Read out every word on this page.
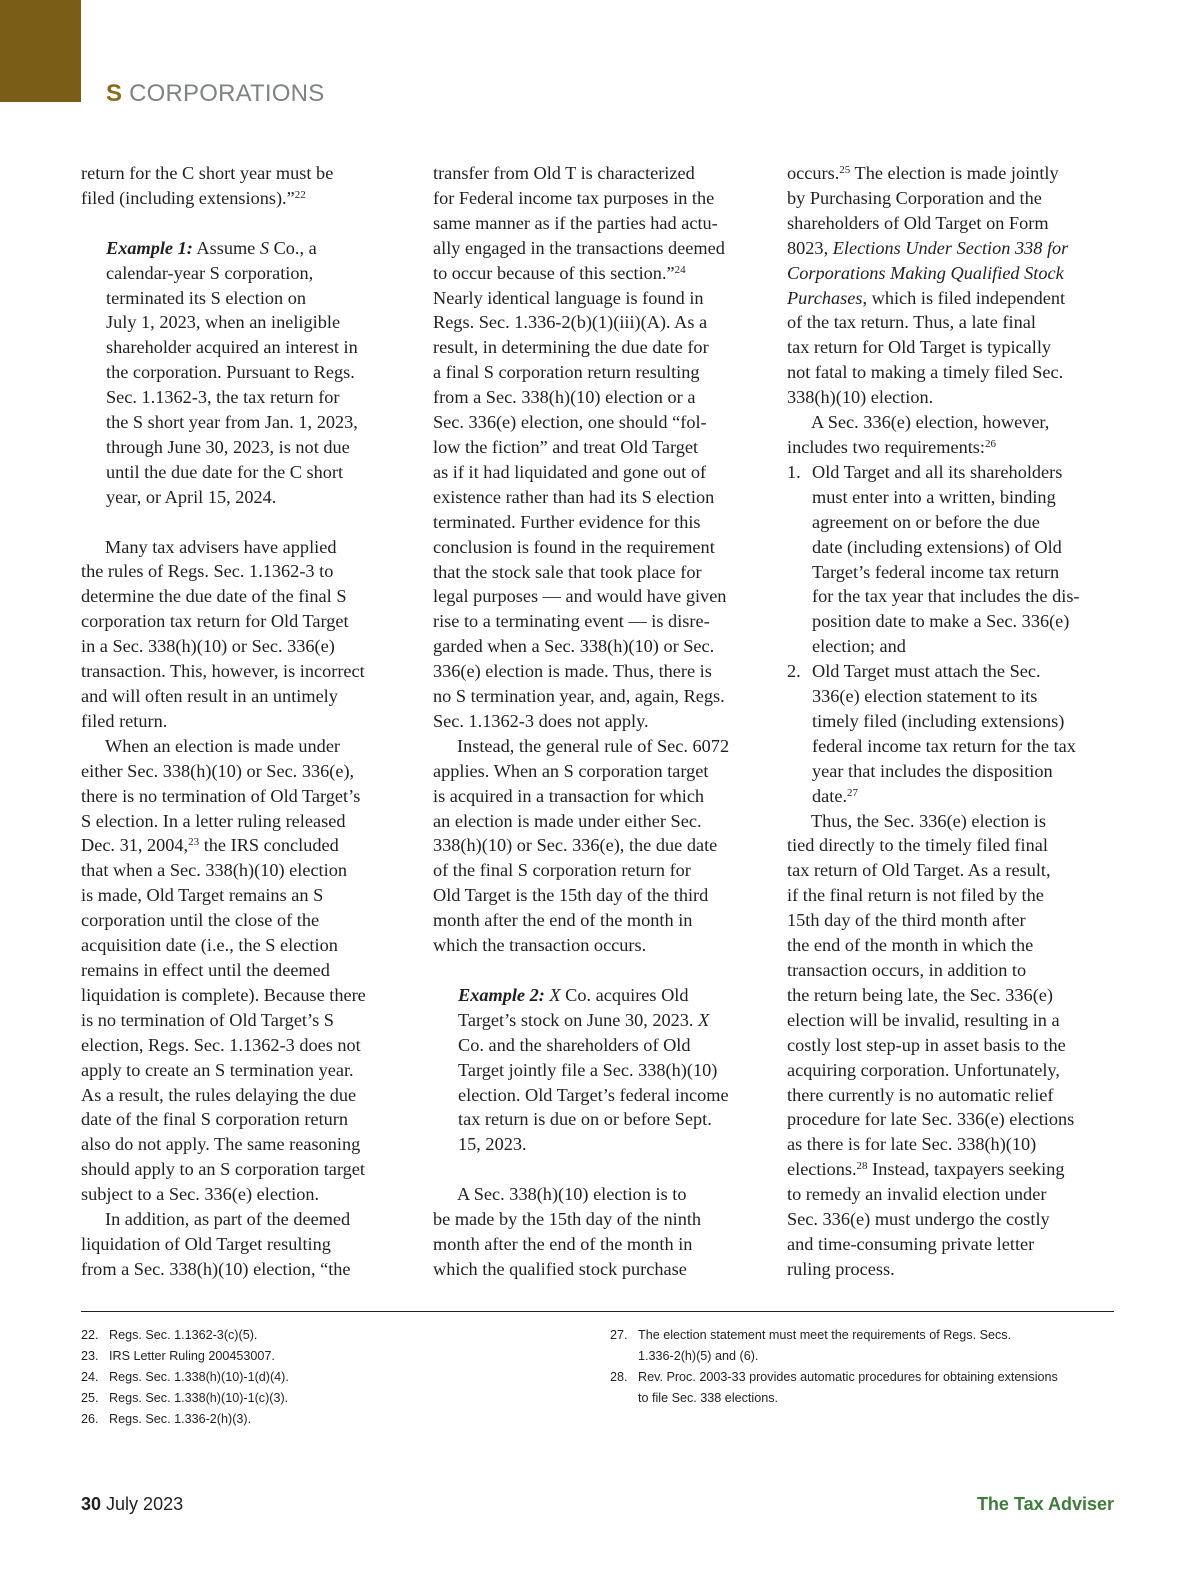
S CORPORATIONS

return for the C short year must be
filed (including extensions).”$^{22}$

Example 1: Assume S Co., a
calendar-year S corporation,
terminated its S election on
July 1, 2023, when an ineligible
shareholder acquired an interest in
the corporation. Pursuant to Regs.
Sec. 1.1362-3, the tax return for
the S short year from Jan. 1, 2023,
through June 30, 2023, is not due
until the due date for the C short
year, or April 15, 2024.

Many tax advisers have applied
the rules of Regs. Sec. 1.1362-3 to
determine the due date of the final S
corporation tax return for Old Target
in a Sec. 338(h)(10) or Sec. 336(e)
transaction. This, however, is incorrect
and will often result in an untimely
filed return.

When an election is made under
either Sec. 338(h)(10) or Sec. 336(e),
there is no termination of Old Target’s
S election. In a letter ruling released
Dec. 31, 2004,23 the IRS concluded
that when a Sec. 338(h)(10) election
is made, Old Target remains an S
corporation until the close of the
acquisition date (i.e., the S election
remains in effect until the deemed
liquidation is complete). Because there
is no termination of Old Target’s S
election, Regs. Sec. 1.1362-3 does not
apply to create an S termination year.
As a result, the rules delaying the due
date of the final S corporation return
also do not apply. The same reasoning
should apply to an S corporation target
subject to a Sec. 336(e) election.

In addition, as part of the deemed
liquidation of Old Target resulting
from a Sec. 338(h)(10) election, “the

transfer from Old T is characterized
for Federal income tax purposes in the
same manner as if the parties had actu-
ally engaged in the transactions deemed
to occur because of this section.”$^{24}$
Nearly identical language is found in
Regs. Sec. 1.336-2(b)(1)(iii)(A). As a
result, in determining the due date for
a final S corporation return resulting
from a Sec. 338(h)(10) election or a
Sec. 336(e) election, one should “fol-
low the fiction” and treat Old Target
as if it had liquidated and gone out of
existence rather than had its S election
terminated. Further evidence for this
conclusion is found in the requirement
that the stock sale that took place for
legal purposes — and would have given
rise to a terminating event — is disre-
garded when a Sec. 338(h)(10) or Sec.
336(e) election is made. Thus, there is
no S termination year, and, again, Regs.
Sec. 1.1362-3 does not apply.

Instead, the general rule of Sec. 6072
applies. When an S corporation target
is acquired in a transaction for which
an election is made under either Sec.
338(h)(10) or Sec. 336(e), the due date
of the final S corporation return for
Old Target is the 15th day of the third
month after the end of the month in
which the transaction occurs.

Example 2: X Co. acquires Old
Target’s stock on June 30, 2023. X
Co. and the shareholders of Old
Target jointly file a Sec. 338(h)(10)
election. Old Target’s federal income
tax return is due on or before Sept.
15, 2023.

A Sec. 338(h)(10) election is to
be made by the 15th day of the ninth
month after the end of the month in
which the qualified stock purchase

occurs.$^{25}$ The election is made jointly
by Purchasing Corporation and the
shareholders of Old Target on Form
8023, Elections Under Section 338 for
Corporations Making Qualified Stock
Purchases, which is filed independent
of the tax return. Thus, a late final
tax return for Old Target is typically
not fatal to making a timely filed Sec.
338(h)(10) election.

A Sec. 336(e) election, however,
includes two requirements:$^{26}$

1. Old Target and all its shareholders
must enter into a written, binding
agreement on or before the due
date (including extensions) of Old
Target’s federal income tax return
for the tax year that includes the dis-
position date to make a Sec. 336(e)
election; and
2. Old Target must attach the Sec.
336(e) election statement to its
timely filed (including extensions)
federal income tax return for the tax
year that includes the disposition
date.$^{27}$

Thus, the Sec. 336(e) election is
tied directly to the timely filed final
tax return of Old Target. As a result,
if the final return is not filed by the
15th day of the third month after
the end of the month in which the
transaction occurs, in addition to
the return being late, the Sec. 336(e)
election will be invalid, resulting in a
costly lost step-up in asset basis to the
acquiring corporation. Unfortunately,
there currently is no automatic relief
procedure for late Sec. 336(e) elections
as there is for late Sec. 338(h)(10)
elections.$^{28}$ Instead, taxpayers seeking
to remedy an invalid election under
Sec. 336(e) must undergo the costly
and time-consuming private letter
ruling process.

22. Regs. Sec. 1.1362-3(c)(5).
23. IRS Letter Ruling 200453007.
24. Regs. Sec. 1.338(h)(10)-1(d)(4).
25. Regs. Sec. 1.338(h)(10)-1(c)(3).
26. Regs. Sec. 1.336-2(h)(3).
27. The election statement must meet the requirements of Regs. Secs.
1.336-2(h)(5) and (6).
28. Rev. Proc. 2003-33 provides automatic procedures for obtaining extensions
to file Sec. 338 elections.
30 July 2023	The Tax Adviser
